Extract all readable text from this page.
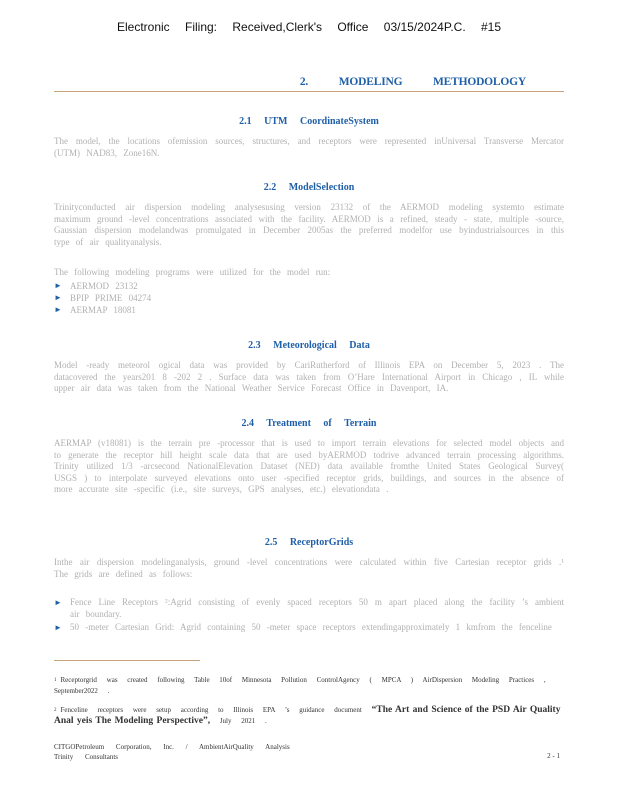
Electronic Filing: Received,Clerk's Office 03/15/2024P.C. #15
2. MODELING METHODOLOGY
2.1 UTM CoordinateSystem
The model, the locations ofemission sources, structures, and receptors were represented inUniversal Transverse Mercator (UTM) NAD83, Zone16N.
2.2 ModelSelection
Trinityconducted air dispersion modeling analysesusing version 23132 of the AERMOD modeling systemto estimate maximum ground -level concentrations associated with the facility. AERMOD is a refined, steady - state, multiple -source, Gaussian dispersion modelandwas promulgated in December 2005as the preferred modelfor use byindustrialsources in this type of air qualityanalysis.
The following modeling programs were utilized for the model run:
► AERMOD 23132
► BPIP PRIME 04274
► AERMAP 18081
2.3 Meteorological Data
Model -ready meteorol ogical data was provided by CariRutherford of Illinois EPA on December 5, 2023 . The datacovered the years201 8 -202 2 . Surface data was taken from O’Hare International Airport in Chicago , IL while upper air data was taken from the National Weather Service Forecast Office in Davenport, IA.
2.4 Treatment of Terrain
AERMAP (v18081) is the terrain pre -processor that is used to import terrain elevations for selected model objects and to generate the receptor hill height scale data that are used byAERMOD todrive advanced terrain processing algorithms. Trinity utilized 1/3 -arcsecond NationalElevation Dataset (NED) data available fromthe United States Geological Survey( USGS ) to interpolate surveyed elevations onto user -specified receptor grids, buildings, and sources in the absence of more accurate site -specific (i.e., site surveys, GPS analyses, etc.) elevationdata .
2.5 ReceptorGrids
Inthe air dispersion modelinganalysis, ground -level concentrations were calculated within five Cartesian receptor grids .¹ The grids are defined as follows:
► Fence Line Receptors ²:Agrid consisting of evenly spaced receptors 50 m apart placed along the facility ’s ambient air boundary.
► 50 -meter Cartesian Grid: Agrid containing 50 -meter space receptors extendingapproximately 1 kmfrom the fenceline
$^1$ Receptorgrid was created following Table 10of Minnesota Pollution ControlAgency ( MPCA ) AirDispersion Modeling Practices , September2022 .
$^2$ Fenceline receptors were setup according to Illinois EPA ’s guidance document “The Art and Science of the PSD Air Quality Anal yeis The Modeling Perspective”, July 2021 .
CITGOPetroleum Corporation, Inc. / AmbientAirQuality Analysis
Trinity Consultants	2 - 1
